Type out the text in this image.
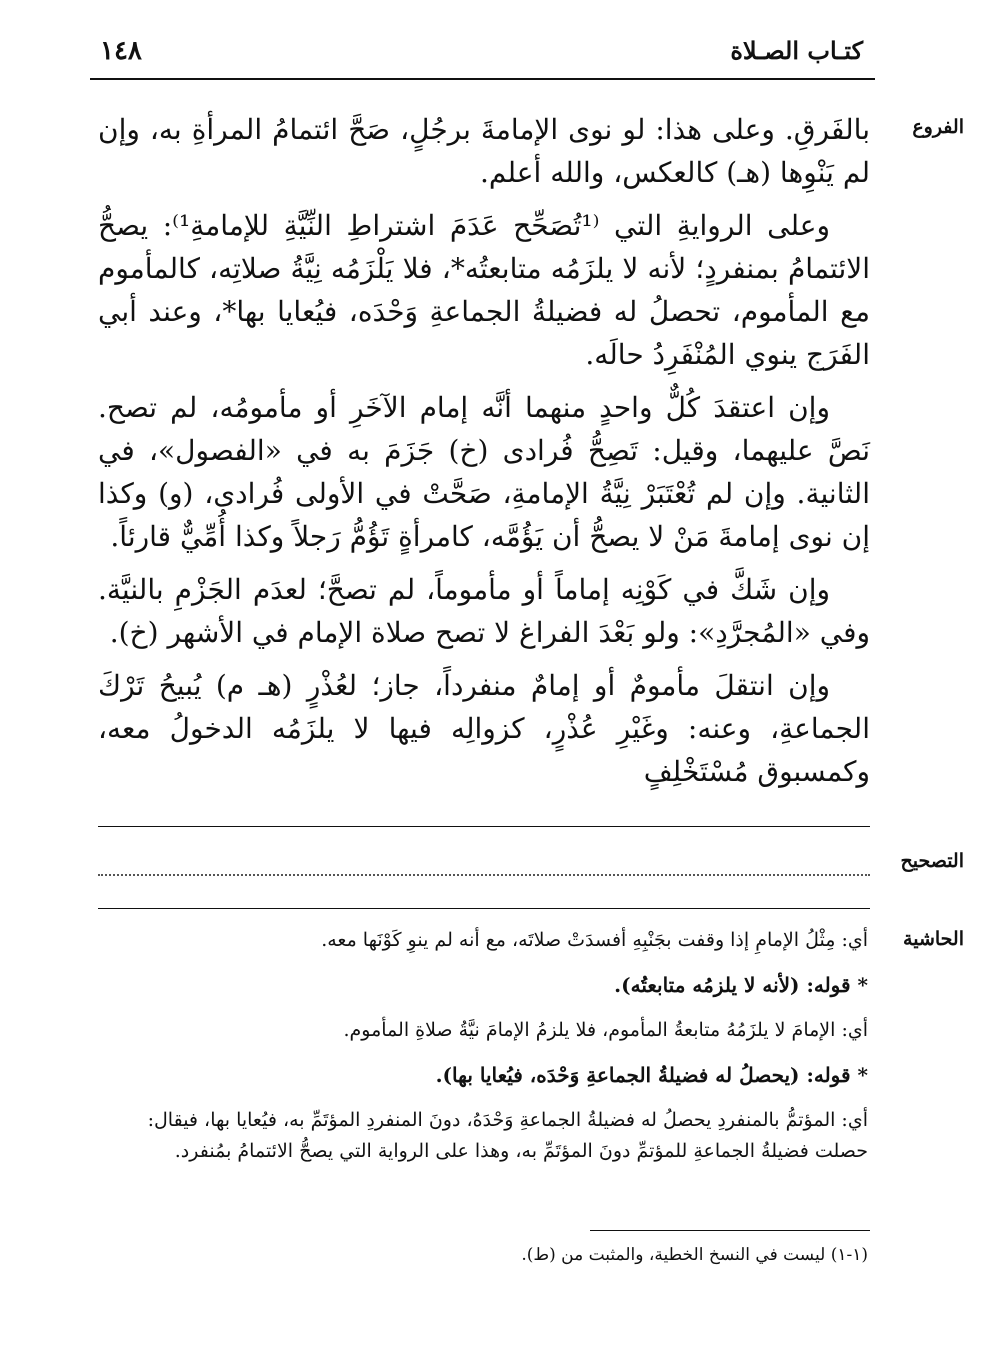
١٤٨	كتـاب الصـلاة
الفروع

بالفَرقِ. وعلى هذا: لو نوى الإمامةَ برجُلٍ، صَحَّ ائتمامُ المرأةِ به، وإن لم يَنْوِها (هـ) كالعكس، والله أعلم.

وعلى الروايةِ التي ⁽¹تُصَحِّح عَدَمَ اشتراطِ النِّيَّةِ للإمامةِ¹⁾: يصحُّ الائتمامُ بمنفردٍ؛ لأنه لا يلزَمُه متابعتُه*، فلا يَلْزَمُه نِيَّةُ صلاتِه، كالمأموم مع المأموم، تحصلُ له فضيلةُ الجماعةِ وَحْدَه، فيُعايا بها*، وعند أبي الفَرَج ينوي المُنْفَرِدُ حالَه.

وإن اعتقدَ كُلٌّ واحدٍ منهما أنَّه إمام الآخَرِ أو مأمومُه، لم تصح. نَصَّ عليهما، وقيل: تَصِحُّ فُرادى (خ) جَزَمَ به في «الفصول»، في الثانية. وإن لم تُعْتَبَرْ نِيَّةُ الإمامةِ، صَحَّتْ في الأولى فُرادى، (و) وكذا إن نوى إمامةَ مَنْ لا يصحُّ أن يَؤُمَّه، كامرأةٍ تَؤُمُّ رَجلاً وكذا أُمِّيٌّ قارئاً.

وإن شَكَّ في كَوْنِه إماماً أو مأموماً، لم تصحَّ؛ لعدَم الجَزْمِ بالنيَّة. وفي «المُجرَّدِ»: ولو بَعْدَ الفراغ لا تصح صلاة الإمام في الأشهر (خ).

وإن انتقلَ مأمومٌ أو إمامٌ منفرداً، جاز؛ لعُذْرٍ (هـ م) يُبيحُ تَرْكَ الجماعةِ، وعنه: وغَيْرِ عُذْرٍ، كزوالِه فيها لا يلزَمُه الدخولُ معه، وكمسبوق مُسْتَخْلِفٍ

التصحيح
الحاشية

أي: مِثْلُ الإمامِ إذا وقفت بجَنْبِهِ أفسدَتْ صلاتَه، مع أنه لم ينوِ كَوْنَها معه.

* قوله: (لأنه لا يلزمُه متابعتُه).

أي: الإمامَ لا يلزَمُهُ متابعةُ المأموم، فلا يلزمُ الإمامَ نيَّةُ صلاةِ المأموم.

* قوله: (يحصلُ له فضيلةُ الجماعةِ وَحْدَه، فيُعايا بها).

أي: المؤتمُّ بالمنفردِ يحصلُ له فضيلةُ الجماعةِ وَحْدَهُ، دونَ المنفردِ المؤتَمِّ به، فيُعايا بها، فيقال:
حصلت فضيلةُ الجماعةِ للمؤتمِّ دونَ المؤتَمِّ به، وهذا على الرواية التي يصحُّ الائتمامُ بمُنفرد.

(١-١) ليست في النسخ الخطية، والمثبت من (ط).
